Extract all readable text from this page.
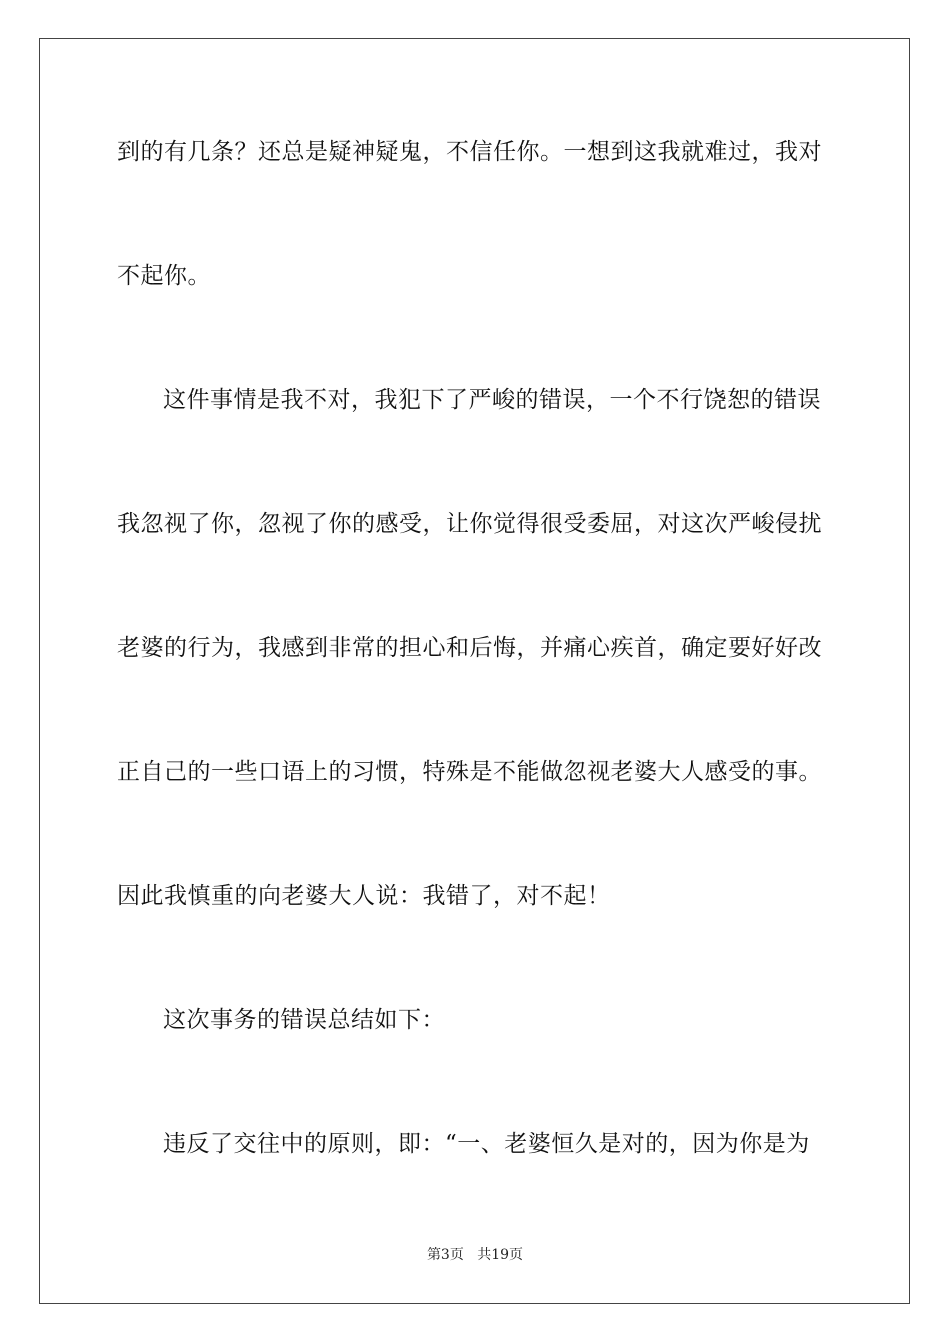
到的有几条？还总是疑神疑鬼，不信任你。一想到这我就难过，我对
不起你。
这件事情是我不对，我犯下了严峻的错误，一个不行饶恕的错误
我忽视了你，忽视了你的感受，让你觉得很受委屈，对这次严峻侵扰
老婆的行为，我感到非常的担心和后悔，并痛心疾首，确定要好好改
正自己的一些口语上的习惯，特殊是不能做忽视老婆大人感受的事。
因此我慎重的向老婆大人说：我错了，对不起！
这次事务的错误总结如下：
违反了交往中的原则，即：“一、老婆恒久是对的，因为你是为
第3页 共19页
